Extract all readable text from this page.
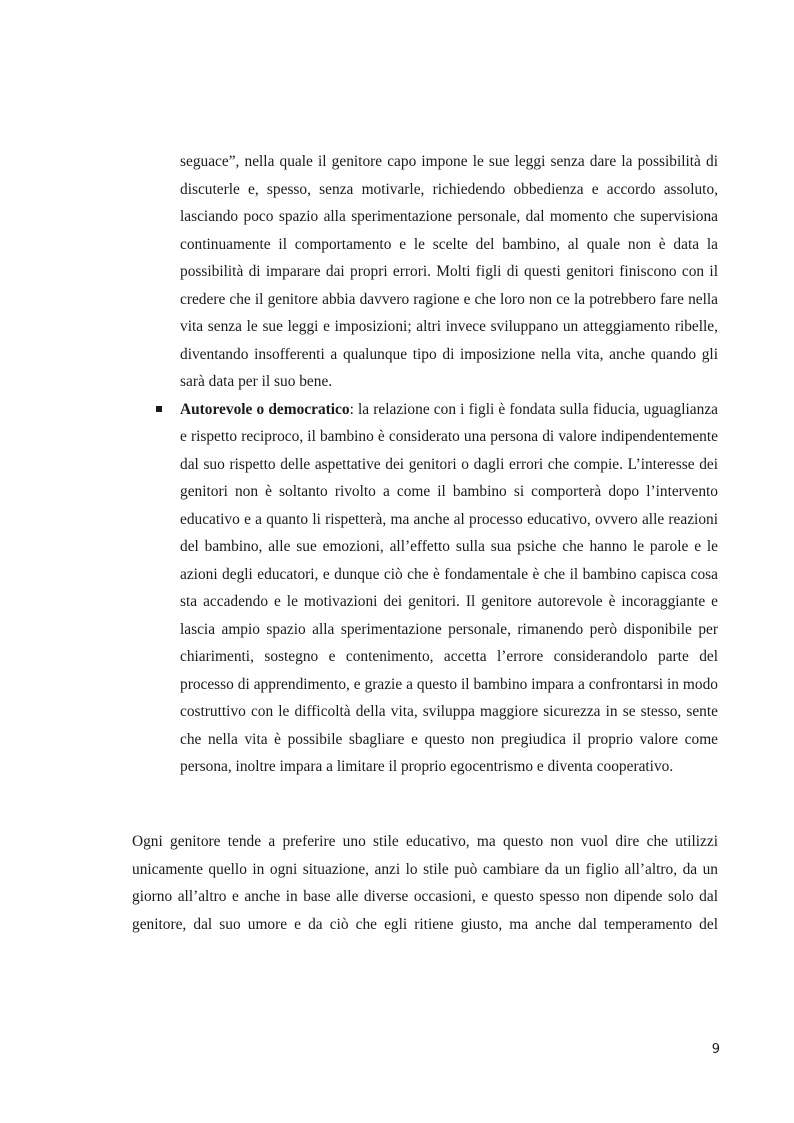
seguace”, nella quale il genitore capo impone le sue leggi senza dare la possibilità di discuterle e, spesso, senza motivarle, richiedendo obbedienza e accordo assoluto, lasciando poco spazio alla sperimentazione personale, dal momento che supervisiona continuamente il comportamento e le scelte del bambino, al quale non è data la possibilità di imparare dai propri errori. Molti figli di questi genitori finiscono con il credere che il genitore abbia davvero ragione e che loro non ce la potrebbero fare nella vita senza le sue leggi e imposizioni; altri invece sviluppano un atteggiamento ribelle, diventando insofferenti a qualunque tipo di imposizione nella vita, anche quando gli sarà data per il suo bene.

Autorevole o democratico: la relazione con i figli è fondata sulla fiducia, uguaglianza e rispetto reciproco, il bambino è considerato una persona di valore indipendentemente dal suo rispetto delle aspettative dei genitori o dagli errori che compie. L’interesse dei genitori non è soltanto rivolto a come il bambino si comporterà dopo l’intervento educativo e a quanto li rispetterà, ma anche al processo educativo, ovvero alle reazioni del bambino, alle sue emozioni, all’effetto sulla sua psiche che hanno le parole e le azioni degli educatori, e dunque ciò che è fondamentale è che il bambino capisca cosa sta accadendo e le motivazioni dei genitori. Il genitore autorevole è incoraggiante e lascia ampio spazio alla sperimentazione personale, rimanendo però disponibile per chiarimenti, sostegno e contenimento, accetta l’errore considerandolo parte del processo di apprendimento, e grazie a questo il bambino impara a confrontarsi in modo costruttivo con le difficoltà della vita, sviluppa maggiore sicurezza in se stesso, sente che nella vita è possibile sbagliare e questo non pregiudica il proprio valore come persona, inoltre impara a limitare il proprio egocentrismo e diventa cooperativo.

Ogni genitore tende a preferire uno stile educativo, ma questo non vuol dire che utilizzi unicamente quello in ogni situazione, anzi lo stile può cambiare da un figlio all’altro, da un giorno all’altro e anche in base alle diverse occasioni, e questo spesso non dipende solo dal genitore, dal suo umore e da ciò che egli ritiene giusto, ma anche dal temperamento del

9
